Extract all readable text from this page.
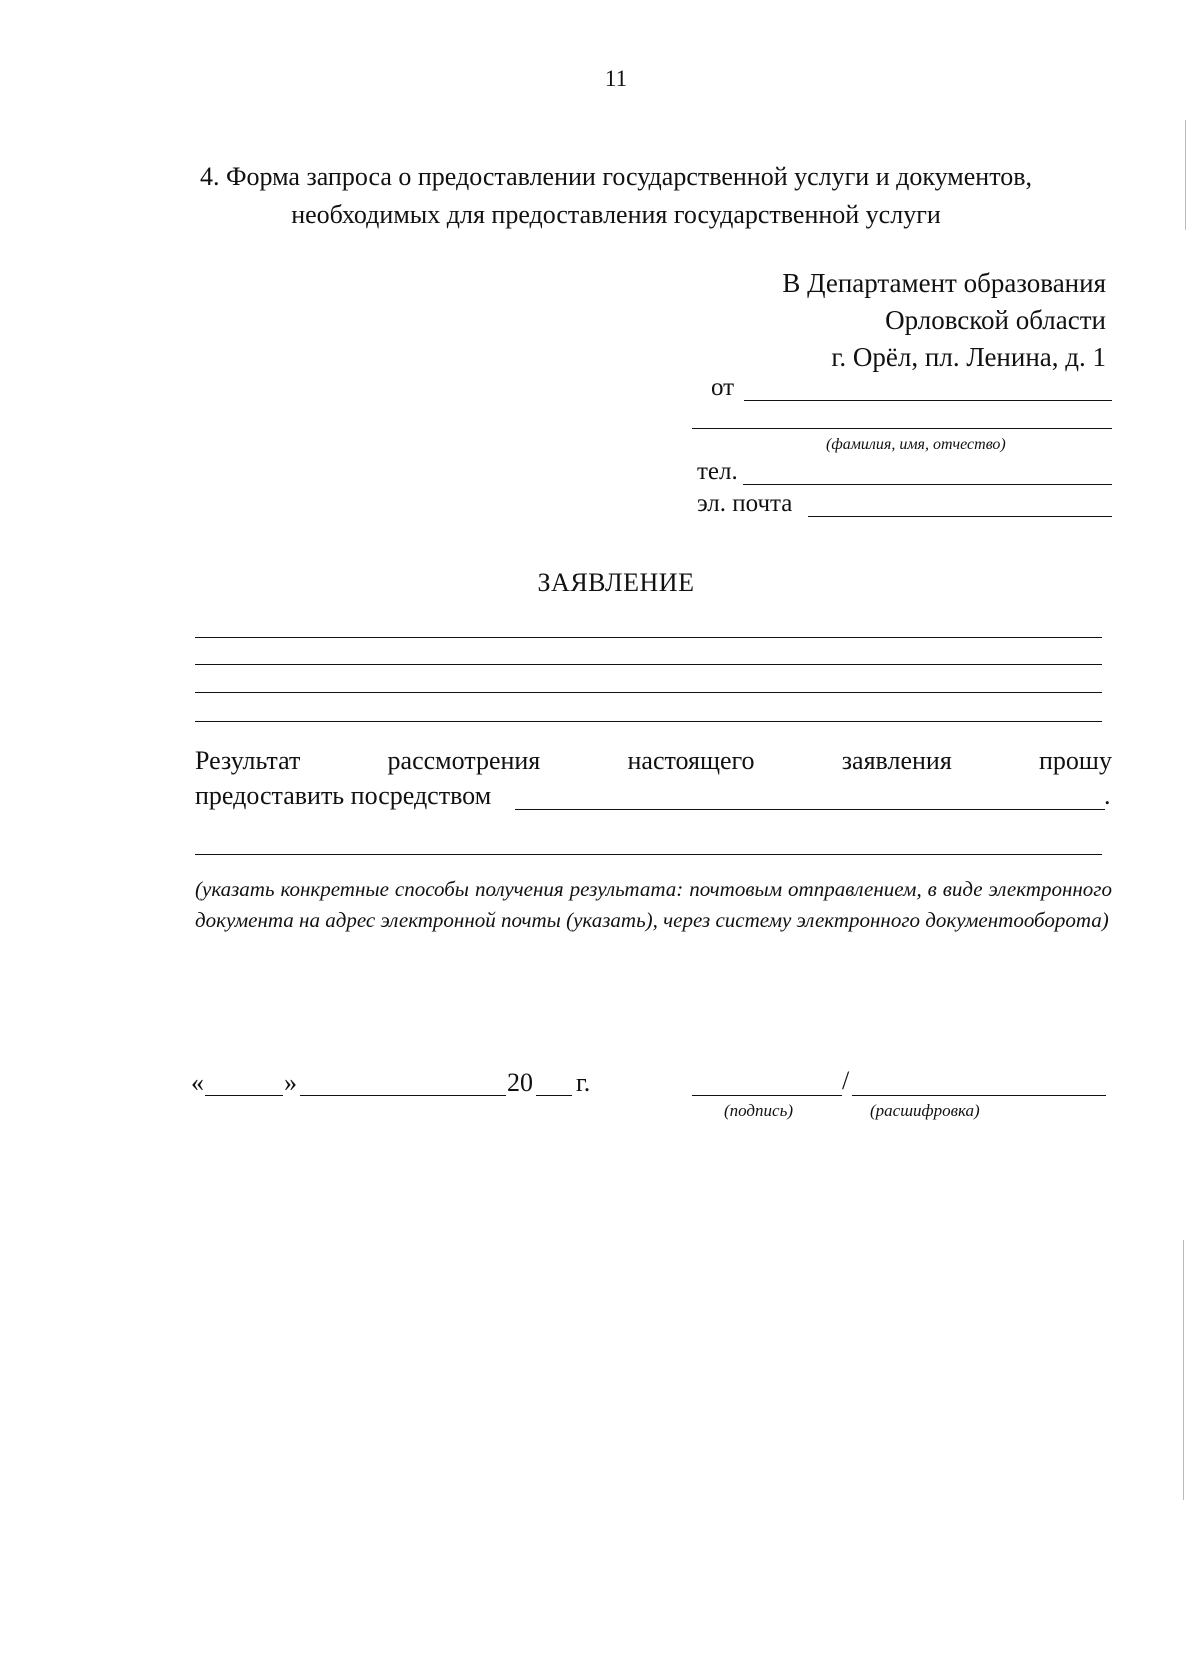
11
4. Форма запроса о предоставлении государственной услуги и документов,
необходимых для предоставления государственной услуги
В Департамент образования
Орловской области
г. Орёл, пл. Ленина, д. 1
от
(фамилия, имя, отчество)
тел.
эл. почта
ЗАЯВЛЕНИЕ
Результат	рассмотрения	настоящего	заявления	прошу
предоставить посредством	.
(указать конкретные способы получения результата: почтовым отправлением, в виде электронного документа на адрес электронной почты (указать), через систему электронного документооборота)
«	»	20 г.	/
(подпись)	(расшифровка)
